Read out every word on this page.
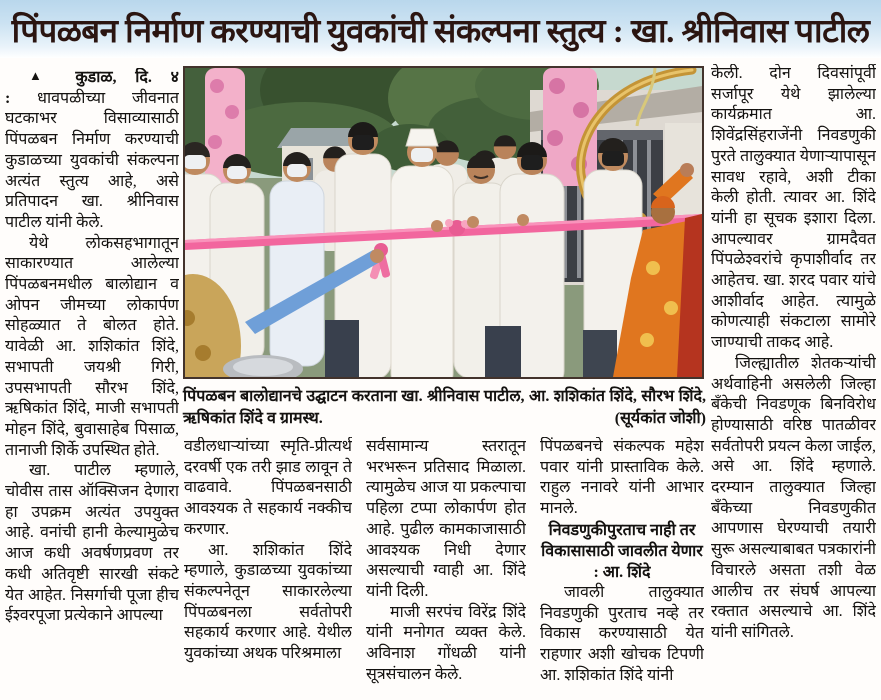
पिंपळबन निर्माण करण्याची युवकांची संकल्पना स्तुत्य : खा. श्रीनिवास पाटील

▲ कुडाळ, दि. ४ : धावपळीच्या जीवनात घटकाभर विसाव्यासाठी पिंपळबन निर्माण करण्याची कुडाळच्या युवकांची संकल्पना अत्यंत स्तुत्य आहे, असे प्रतिपादन खा. श्रीनिवास पाटील यांनी केले.

येथे लोकसहभागातून साकारण्यात आलेल्या पिंपळबनमधील बालोद्यान व ओपन जीमच्या लोकार्पण सोहळ्यात ते बोलत होते. यावेळी आ. शशिकांत शिंदे, सभापती जयश्री गिरी, उपसभापती सौरभ शिंदे, ऋषिकांत शिंदे, माजी सभापती मोहन शिंदे, बुवासाहेब पिसाळ, तानाजी शिर्के उपस्थित होते.

खा. पाटील म्हणाले, चोवीस तास ऑक्सिजन देणारा हा उपक्रम अत्यंत उपयुक्त आहे. वनांची हानी केल्यामुळेच आज कधी अवर्षणप्रवण तर कधी अतिवृष्टी सारखी संकटे येत आहेत. निसर्गाची पूजा हीच ईश्वरपूजा प्रत्येकाने आपल्या

पिंपळबन बालोद्यानचे उद्घाटन करताना खा. श्रीनिवास पाटील, आ. शशिकांत शिंदे, सौरभ शिंदे, ऋषिकांत शिंदे व ग्रामस्थ.	(सूर्यकांत जोशी)

वडीलधाऱ्यांच्या स्मृति-प्रीत्यर्थ दरवर्षी एक तरी झाड लावून ते वाढवावे. पिंपळबनसाठी आवश्यक ते सहकार्य नक्कीच करणार.

आ. शशिकांत शिंदे म्हणाले, कुडाळच्या युवकांच्या संकल्पनेतून साकारलेल्या पिंपळबनला सर्वतोपरी सहकार्य करणार आहे. येथील युवकांच्या अथक परिश्रमाला

सर्वसामान्य स्तरातून भरभरून प्रतिसाद मिळाला. त्यामुळेच आज या प्रकल्पाचा पहिला टप्पा लोकार्पण होत आहे. पुढील कामकाजासाठी आवश्यक निधी देणार असल्याची ग्वाही आ. शिंदे यांनी दिली.

माजी सरपंच विरेंद्र शिंदे यांनी मनोगत व्यक्त केले. अविनाश गोंधळी यांनी सूत्रसंचालन केले.

पिंपळबनचे संकल्पक महेश पवार यांनी प्रास्ताविक केले. राहुल ननावरे यांनी आभार मानले.

निवडणुकीपुरताच नाही तर विकासासाठी जावलीत येणार : आ. शिंदे

जावली तालुक्यात निवडणुकी पुरताच नव्हे तर विकास करण्यासाठी येत राहणार अशी खोचक टिपणी आ. शशिकांत शिंदे यांनी

केली. दोन दिवसांपूर्वी सर्जापूर येथे झालेल्या कार्यक्रमात आ. शिवेंद्रसिंहराजेंनी निवडणुकी पुरते तालुक्यात येणाऱ्यापासून सावध रहावे, अशी टीका केली होती. त्यावर आ. शिंदे यांनी हा सूचक इशारा दिला. आपल्यावर ग्रामदैवत पिंपळेश्वरांचे कृपाशीर्वाद तर आहेतच. खा. शरद पवार यांचे आशीर्वाद आहेत. त्यामुळे कोणत्याही संकटाला सामोरे जाण्याची ताकद आहे.

जिल्ह्यातील शेतकऱ्यांची अर्थवाहिनी असलेली जिल्हा बँकेची निवडणूक बिनविरोध होण्यासाठी वरिष्ठ पातळीवर सर्वतोपरी प्रयत्न केला जाईल, असे आ. शिंदे म्हणाले. दरम्यान तालुक्यात जिल्हा बँकेच्या निवडणुकीत आपणास घेरण्याची तयारी सुरू असल्याबाबत पत्रकारांनी विचारले असता तशी वेळ आलीच तर संघर्ष आपल्या रक्तात असल्याचे आ. शिंदे यांनी सांगितले.
